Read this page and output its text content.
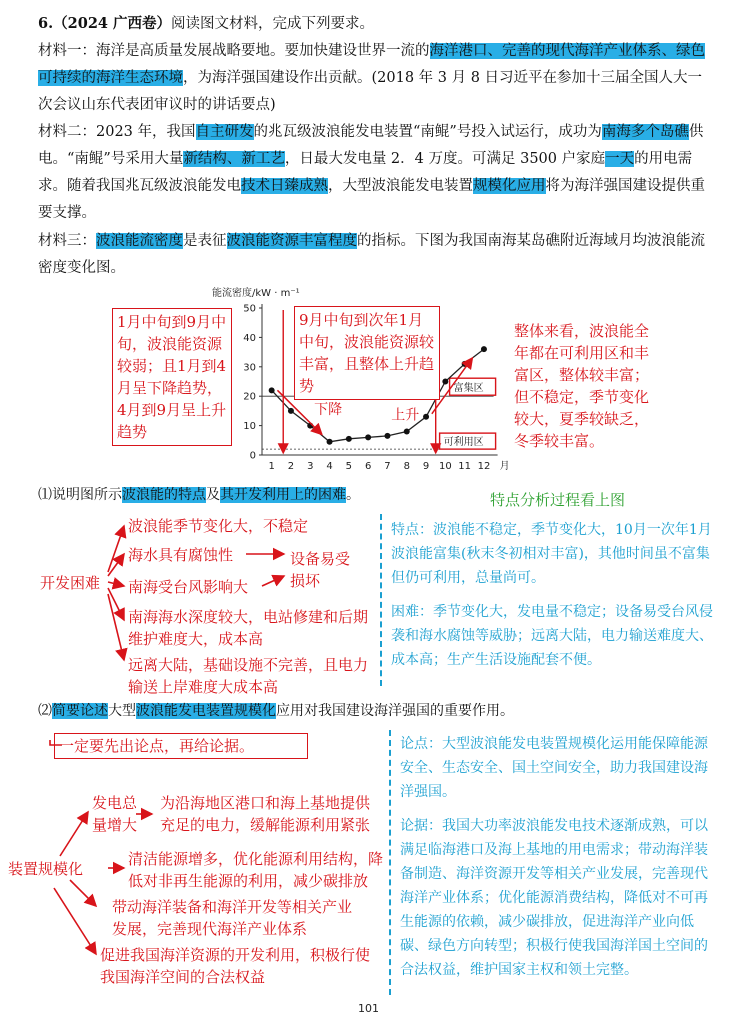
6.（2024 广西卷）阅读图文材料，完成下列要求。
材料一：海洋是高质量发展战略要地。要加快建设世界一流的海洋港口、完善的现代海洋产业体系、绿色可持续的海洋生态环境，为海洋强国建设作出贡献。(2018 年 3 月 8 日习近平在参加十三届全国人大一次会议山东代表团审议时的讲话要点)
材料二：2023 年，我国自主研发的兆瓦级波浪能发电装置“南鲲”号投入试运行，成功为南海多个岛礁供电。“南鲲”号采用大量新结构、新工艺，日最大发电量 2．4 万度。可满足 3500 户家庭一天的用电需求。随着我国兆瓦级波浪能发电技术日臻成熟，大型波浪能发电装置规模化应用将为海洋强国建设提供重要支撑。
材料三：波浪能流密度是表征波浪能资源丰富程度的指标。下图为我国南海某岛礁附近海域月均波浪能流密度变化图。
能流密度/kW · m⁻¹
0
10
20
30
40
50
1 2 3 4 5 6 7 8 9 10 11 12 月
富集区
可利用区
下降	上升
1月中旬到9月中旬，波浪能资源较弱；且1月到4月呈下降趋势，4月到9月呈上升趋势
9月中旬到次年1月中旬，波浪能资源较丰富，且整体上升趋势
整体来看，波浪能全年都在可利用区和丰富区，整体较丰富；但不稳定，季节变化较大，夏季较缺乏，冬季较丰富。
⑴说明图所示波浪能的特点及其开发利用上的困难。	特点分析过程看上图
开发困难
波浪能季节变化大，不稳定
海水具有腐蚀性
南海受台风影响大
南海海水深度较大，电站修建和后期维护难度大，成本高
远离大陆，基础设施不完善，且电力输送上岸难度大成本高
设备易受损坏
特点：波浪能不稳定，季节变化大，10月一次年1月波浪能富集(秋末冬初相对丰富)，其他时间虽不富集但仍可利用，总量尚可。
困难：季节变化大，发电量不稳定；设备易受台风侵袭和海水腐蚀等威胁；远离大陆，电力输送难度大、成本高；生产生活设施配套不便。
⑵简要论述大型波浪能发电装置规模化应用对我国建设海洋强国的重要作用。
一定要先出论点，再给论据。
装置规模化
发电总量增大
为沿海地区港口和海上基地提供充足的电力，缓解能源利用紧张
清洁能源增多，优化能源利用结构，降低对非再生能源的利用，减少碳排放
带动海洋装备和海洋开发等相关产业发展，完善现代海洋产业体系
促进我国海洋资源的开发利用，积极行使我国海洋空间的合法权益
论点：大型波浪能发电装置规模化运用能保障能源安全、生态安全、国土空间安全，助力我国建设海洋强国。
论据：我国大功率波浪能发电技术逐渐成熟，可以满足临海港口及海上基地的用电需求；带动海洋装备制造、海洋资源开发等相关产业发展，完善现代海洋产业体系；优化能源消费结构，降低对不可再生能源的依赖，减少碳排放，促进海洋产业向低碳、绿色方向转型；积极行使我国海洋国土空间的合法权益，维护国家主权和领土完整。
101
